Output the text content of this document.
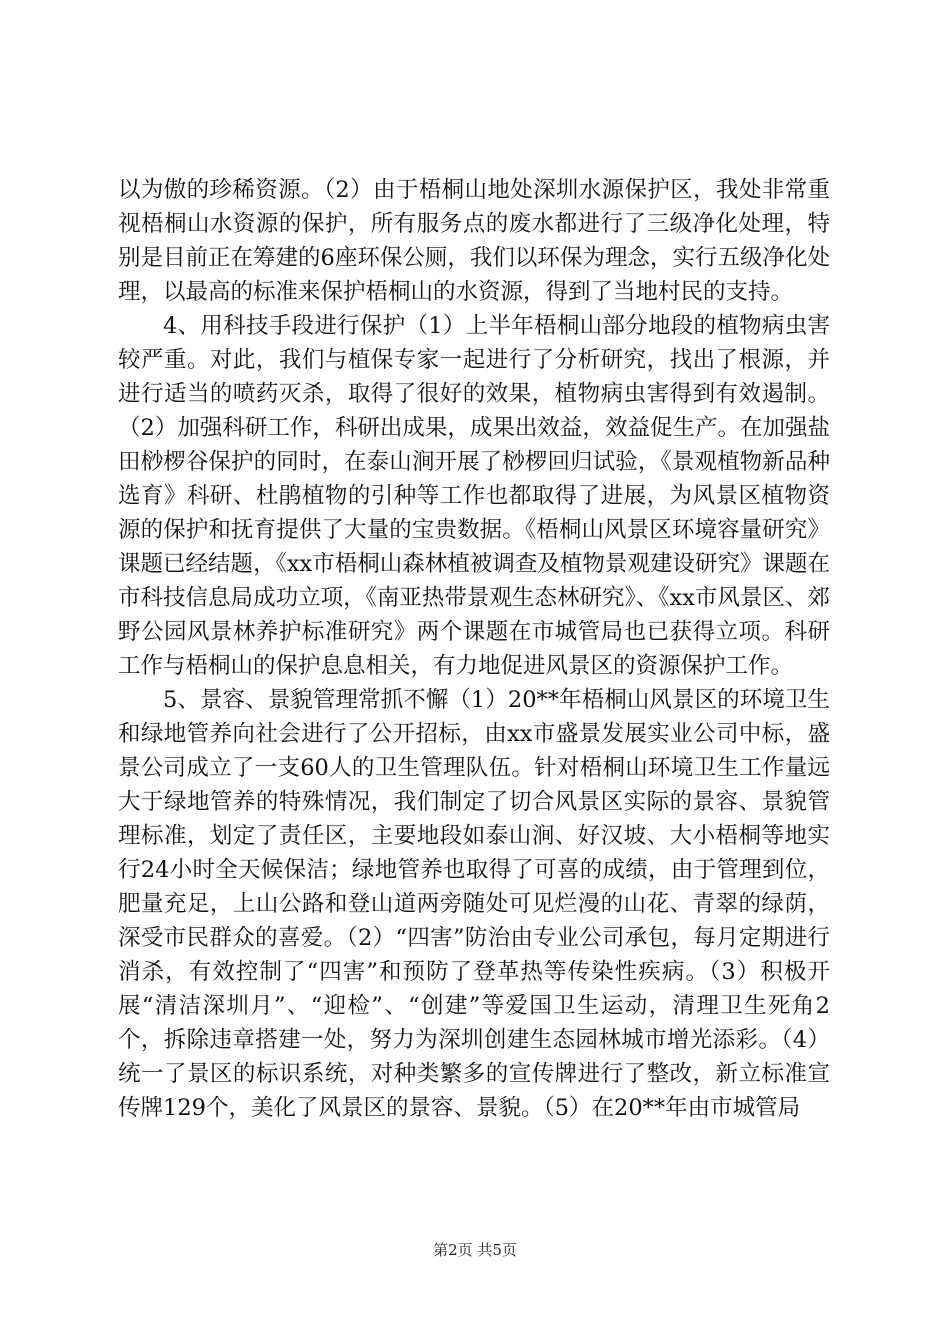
以为傲的珍稀资源。（2）由于梧桐山地处深圳水源保护区，我处非常重视梧桐山水资源的保护，所有服务点的废水都进行了三级净化处理，特别是目前正在筹建的6座环保公厕，我们以环保为理念，实行五级净化处理，以最高的标准来保护梧桐山的水资源，得到了当地村民的支持。

4、用科技手段进行保护（1）上半年梧桐山部分地段的植物病虫害较严重。对此，我们与植保专家一起进行了分析研究，找出了根源，并进行适当的喷药灭杀，取得了很好的效果，植物病虫害得到有效遏制。（2）加强科研工作，科研出成果，成果出效益，效益促生产。在加强盐田桫椤谷保护的同时，在泰山涧开展了桫椤回归试验，《景观植物新品种选育》科研、杜鹃植物的引种等工作也都取得了进展，为风景区植物资源的保护和抚育提供了大量的宝贵数据。《梧桐山风景区环境容量研究》课题已经结题，《xx市梧桐山森林植被调查及植物景观建设研究》课题在市科技信息局成功立项，《南亚热带景观生态林研究》、《xx市风景区、郊野公园风景林养护标准研究》两个课题在市城管局也已获得立项。科研工作与梧桐山的保护息息相关，有力地促进风景区的资源保护工作。

5、景容、景貌管理常抓不懈（1）20**年梧桐山风景区的环境卫生和绿地管养向社会进行了公开招标，由xx市盛景发展实业公司中标，盛景公司成立了一支60人的卫生管理队伍。针对梧桐山环境卫生工作量远大于绿地管养的特殊情况，我们制定了切合风景区实际的景容、景貌管理标准，划定了责任区，主要地段如泰山涧、好汉坡、大小梧桐等地实行24小时全天候保洁；绿地管养也取得了可喜的成绩，由于管理到位，肥量充足，上山公路和登山道两旁随处可见烂漫的山花、青翠的绿荫，深受市民群众的喜爱。（2）“四害”防治由专业公司承包，每月定期进行消杀，有效控制了“四害”和预防了登革热等传染性疾病。（3）积极开展“清洁深圳月”、“迎检”、“创建”等爱国卫生运动，清理卫生死角2个，拆除违章搭建一处，努力为深圳创建生态园林城市增光添彩。（4）统一了景区的标识系统，对种类繁多的宣传牌进行了整改，新立标准宣传牌129个，美化了风景区的景容、景貌。（5）在20**年由市城管局

第2页 共5页
